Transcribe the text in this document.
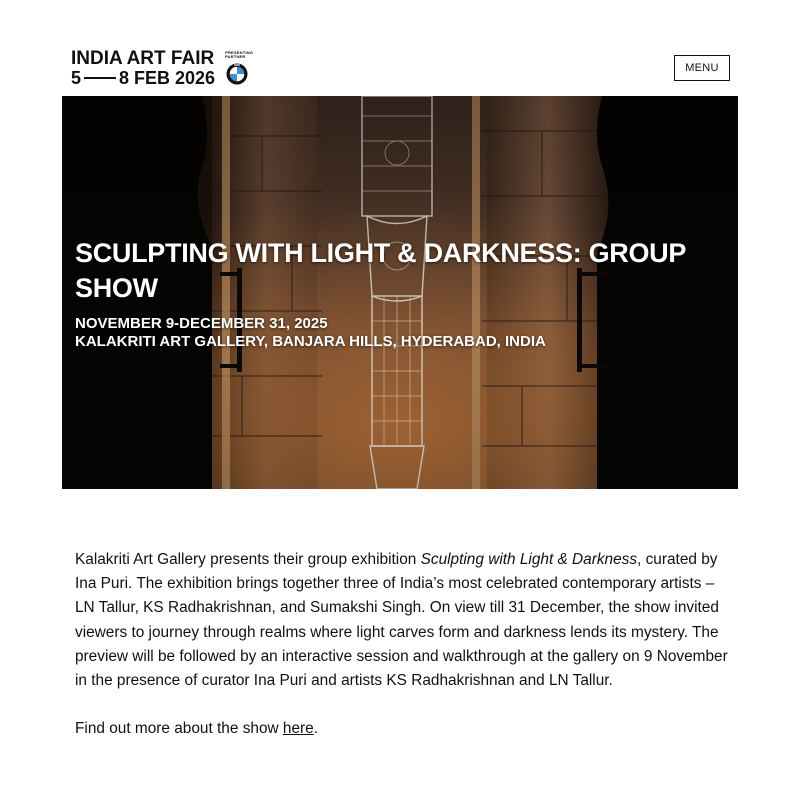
INDIA ART FAIR
5 8 FEB 2026
PRESENTING
PARTNER
BMW	MENU
SCULPTING WITH LIGHT & DARKNESS: GROUP SHOW
NOVEMBER 9-DECEMBER 31, 2025
KALAKRITI ART GALLERY, BANJARA HILLS, HYDERABAD, INDIA

Kalakriti Art Gallery presents their group exhibition Sculpting with Light & Darkness, curated by Ina Puri. The exhibition brings together three of India’s most celebrated contemporary artists – LN Tallur, KS Radhakrishnan, and Sumakshi Singh. On view till 31 December, the show invited viewers to journey through realms where light carves form and darkness lends its mystery. The preview will be followed by an interactive session and walkthrough at the gallery on 9 November in the presence of curator Ina Puri and artists KS Radhakrishnan and LN Tallur.

Find out more about the show here.
